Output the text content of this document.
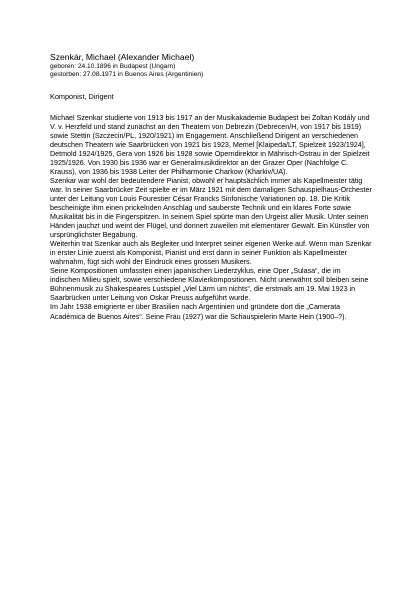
Szenkár, Michael (Alexander Michael)

geboren: 24.10.1896 in Budapest (Ungarn)

gestorben: 27.08.1971 in Buenos Aires (Argentinien)

Komponist, Dirigent

Michael Szenkar studierte von 1913 bis 1917 an der Musikakademie Budapest bei Zoltan Kodály und V. v. Herzfeld und stand zunächst an den Theatern von Debrezin (Debrecen/H, von 1917 bis 1919) sowie Stettin (Szczecin/PL, 1920/1921) im Engagement. Anschließend Dirigent an verschiedenen deutschen Theatern wie Saarbrücken von 1921 bis 1923, Memel [Klaipeda/LT, Spielzeit 1923/1924], Detmold 1924/1925, Gera von 1926 bis 1928 sowie Operndirektor in Mährisch-Ostrau in der Spielzeit 1925/1926. Von 1930 bis 1936 war er Generalmusikdirektor an der Grazer Oper (Nachfolge C. Krauss), von 1936 bis 1938 Leiter der Philharmonie Charkow (Kharkiv/UA).

Szenkar war wohl der bedeutendere Pianist, obwohl er hauptsächlich immer als Kapellmeister tätig war. In seiner Saarbrücker Zeit spielte er im März 1921 mit dem damaligen Schauspielhaus-Orchester unter der Leitung von Louis Fourestier César Francks Sinfonische Variationen op. 18. Die Kritik bescheinigte ihm einen prickelnden Anschlag und sauberste Technik und ein klares Forte sowie Musikalität bis in die Fingerspitzen. In seinem Spiel spürte man den Urgeist aller Musik. Unter seinen Händen jauchzt und weint der Flügel, und donnert zuweilen mit elementarer Gewalt. Ein Künstler von ursprünglichster Begabung.

Weiterhin trat Szenkar auch als Begleiter und Interpret seiner eigenen Werke auf. Wenn man Szenkar in erster Linie zuerst als Komponist, Pianist und erst dann in seiner Funktion als Kapellmeister wahrnahm, fügt sich wohl der Eindruck eines grossen Musikers.

Seine Kompositionen umfassten einen japanischen Liederzyklus, eine Oper „Sulasa“, die im indischen Milieu spielt, sowie verschiedene Klavierkompositionen. Nicht unerwähnt soll bleiben seine Bühnenmusik zu Shakespeares Lustspiel „Viel Lärm um nichts“, die erstmals am 19. Mai 1923 in Saarbrücken unter Leitung von Oskar Preuss aufgeführt wurde.

Im Jahr 1938 emigrierte er über Brasilien nach Argentinien und gründete dort die „Camerata Académica de Buenos Aires“. Seine Frau (1927) war die Schauspielerin Marte Hein (1900–?).
